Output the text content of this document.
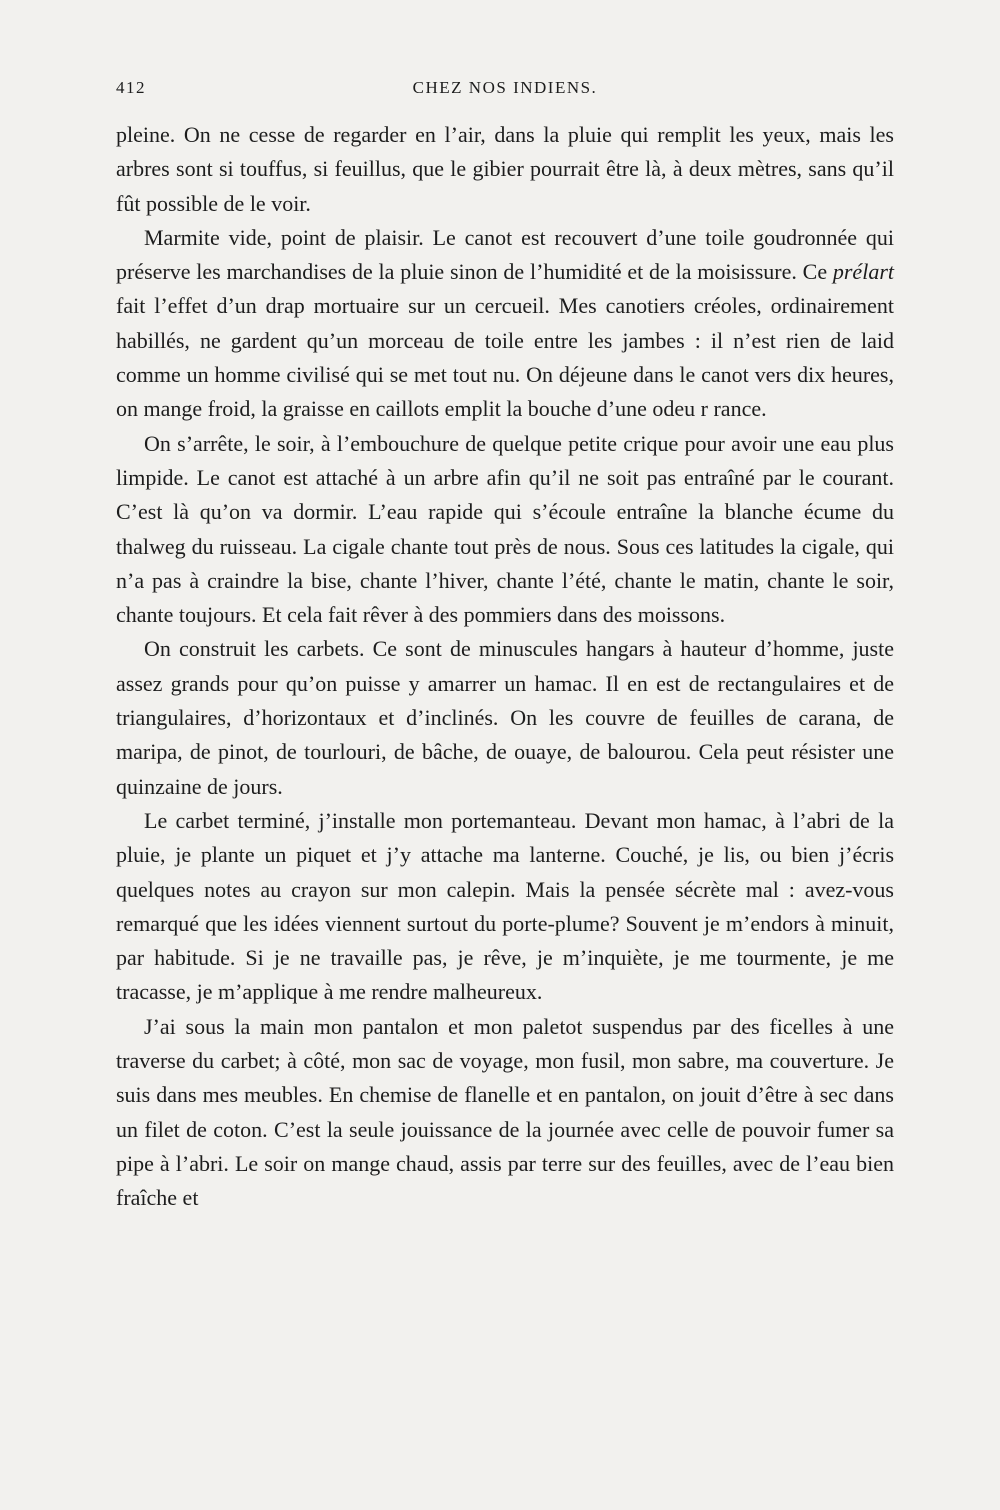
412	CHEZ NOS INDIENS.

pleine. On ne cesse de regarder en l’air, dans la pluie qui remplit les yeux, mais les arbres sont si touffus, si feuillus, que le gibier pourrait être là, à deux mètres, sans qu’il fût possible de le voir.

Marmite vide, point de plaisir. Le canot est recouvert d’une toile goudronnée qui préserve les marchandises de la pluie sinon de l’humidité et de la moisissure. Ce prélart fait l’effet d’un drap mortuaire sur un cercueil. Mes canotiers créoles, ordinairement habillés, ne gardent qu’un morceau de toile entre les jambes : il n’est rien de laid comme un homme civilisé qui se met tout nu. On déjeune dans le canot vers dix heures, on mange froid, la graisse en caillots emplit la bouche d’une odeu r rance.

On s’arrête, le soir, à l’embouchure de quelque petite crique pour avoir une eau plus limpide. Le canot est attaché à un arbre afin qu’il ne soit pas entraîné par le courant. C’est là qu’on va dormir. L’eau rapide qui s’écoule entraîne la blanche écume du thalweg du ruisseau. La cigale chante tout près de nous. Sous ces latitudes la cigale, qui n’a pas à craindre la bise, chante l’hiver, chante l’été, chante le matin, chante le soir, chante toujours. Et cela fait rêver à des pommiers dans des moissons.

On construit les carbets. Ce sont de minuscules hangars à hauteur d’homme, juste assez grands pour qu’on puisse y amarrer un hamac. Il en est de rectangulaires et de triangulaires, d’horizontaux et d’inclinés. On les couvre de feuilles de carana, de maripa, de pinot, de tourlouri, de bâche, de ouaye, de balourou. Cela peut résister une quinzaine de jours.

Le carbet terminé, j’installe mon portemanteau. Devant mon hamac, à l’abri de la pluie, je plante un piquet et j’y attache ma lanterne. Couché, je lis, ou bien j’écris quelques notes au crayon sur mon calepin. Mais la pensée sécrète mal : avez-vous remarqué que les idées viennent surtout du porte-plume? Souvent je m’endors à minuit, par habitude. Si je ne travaille pas, je rêve, je m’inquiète, je me tourmente, je me tracasse, je m’applique à me rendre malheureux.

J’ai sous la main mon pantalon et mon paletot suspendus par des ficelles à une traverse du carbet; à côté, mon sac de voyage, mon fusil, mon sabre, ma couverture. Je suis dans mes meubles. En chemise de flanelle et en pantalon, on jouit d’être à sec dans un filet de coton. C’est la seule jouissance de la journée avec celle de pouvoir fumer sa pipe à l’abri. Le soir on mange chaud, assis par terre sur des feuilles, avec de l’eau bien fraîche et
